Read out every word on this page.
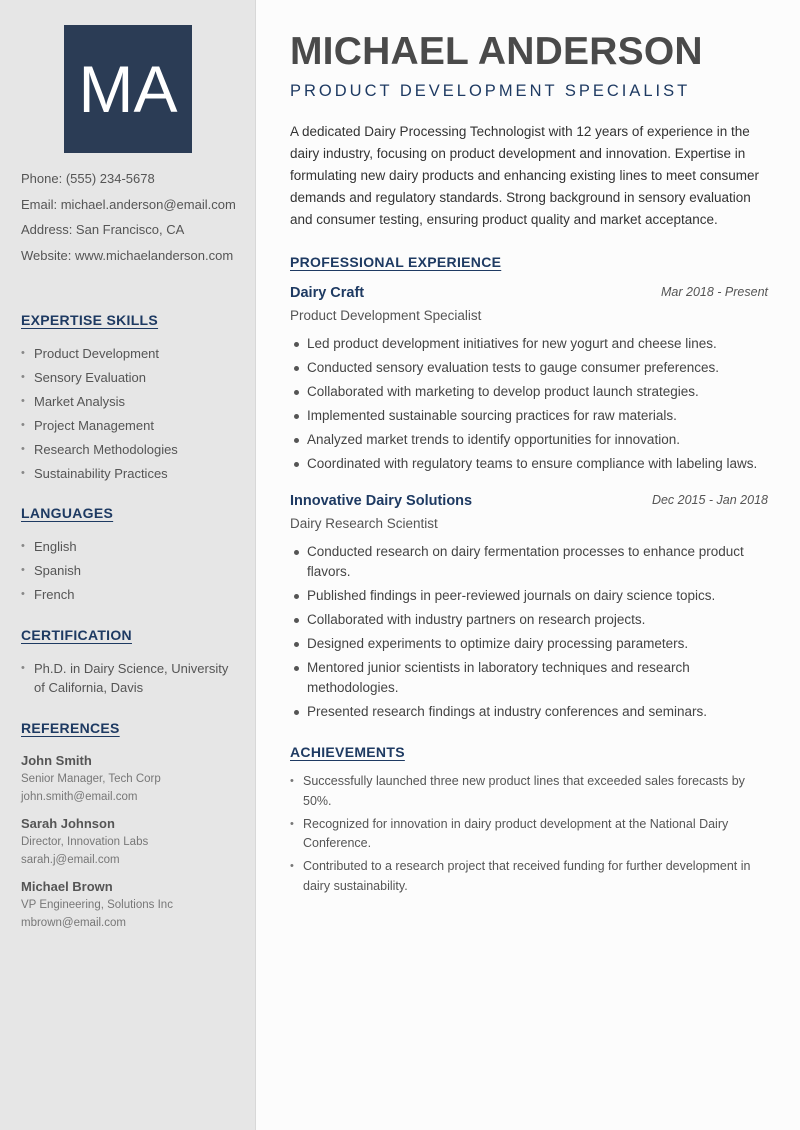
MA
Phone: (555) 234-5678
Email: michael.anderson@email.com
Address: San Francisco, CA
Website: www.michaelanderson.com
EXPERTISE SKILLS
• Product Development
• Sensory Evaluation
• Market Analysis
• Project Management
• Research Methodologies
• Sustainability Practices
LANGUAGES
• English
• Spanish
• French
CERTIFICATION
• Ph.D. in Dairy Science, University of California, Davis
REFERENCES
John Smith
Senior Manager, Tech Corp
john.smith@email.com
Sarah Johnson
Director, Innovation Labs
sarah.j@email.com
Michael Brown
VP Engineering, Solutions Inc
mbrown@email.com
MICHAEL ANDERSON
PRODUCT DEVELOPMENT SPECIALIST

A dedicated Dairy Processing Technologist with 12 years of experience in the dairy industry, focusing on product development and innovation. Expertise in formulating new dairy products and enhancing existing lines to meet consumer demands and regulatory standards. Strong background in sensory evaluation and consumer testing, ensuring product quality and market acceptance.

PROFESSIONAL EXPERIENCE
Dairy Craft	Mar 2018 - Present
Product Development Specialist
Led product development initiatives for new yogurt and cheese lines.
Conducted sensory evaluation tests to gauge consumer preferences.
Collaborated with marketing to develop product launch strategies.
Implemented sustainable sourcing practices for raw materials.
Analyzed market trends to identify opportunities for innovation.
Coordinated with regulatory teams to ensure compliance with labeling laws.
Innovative Dairy Solutions	Dec 2015 - Jan 2018
Dairy Research Scientist
Conducted research on dairy fermentation processes to enhance product flavors.
Published findings in peer-reviewed journals on dairy science topics.
Collaborated with industry partners on research projects.
Designed experiments to optimize dairy processing parameters.
Mentored junior scientists in laboratory techniques and research methodologies.
Presented research findings at industry conferences and seminars.
ACHIEVEMENTS
• Successfully launched three new product lines that exceeded sales forecasts by 50%.
• Recognized for innovation in dairy product development at the National Dairy Conference.
• Contributed to a research project that received funding for further development in dairy sustainability.
